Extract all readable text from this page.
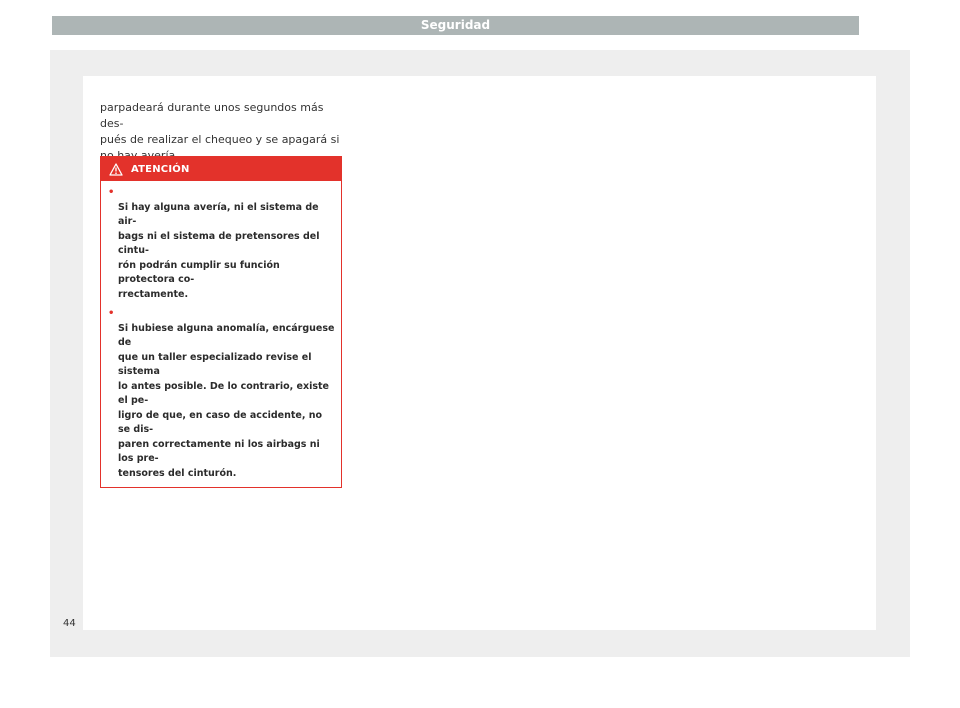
Seguridad

parpadeará durante unos segundos más des-
pués de realizar el chequeo y se apagará si

ATENCIÓN

•
Si hay alguna avería, ni el sistema de air-
bags ni el sistema de pretensores del cintu-
rón podrán cumplir su función protectora co-
rrectamente.

•
Si hubiese alguna anomalía, encárguese de
que un taller especializado revise el sistema
lo antes posible. De lo contrario, existe el pe-
ligro de que, en caso de accidente, no se dis-
paren correctamente ni los airbags ni los pre-
tensores del cinturón.

44
